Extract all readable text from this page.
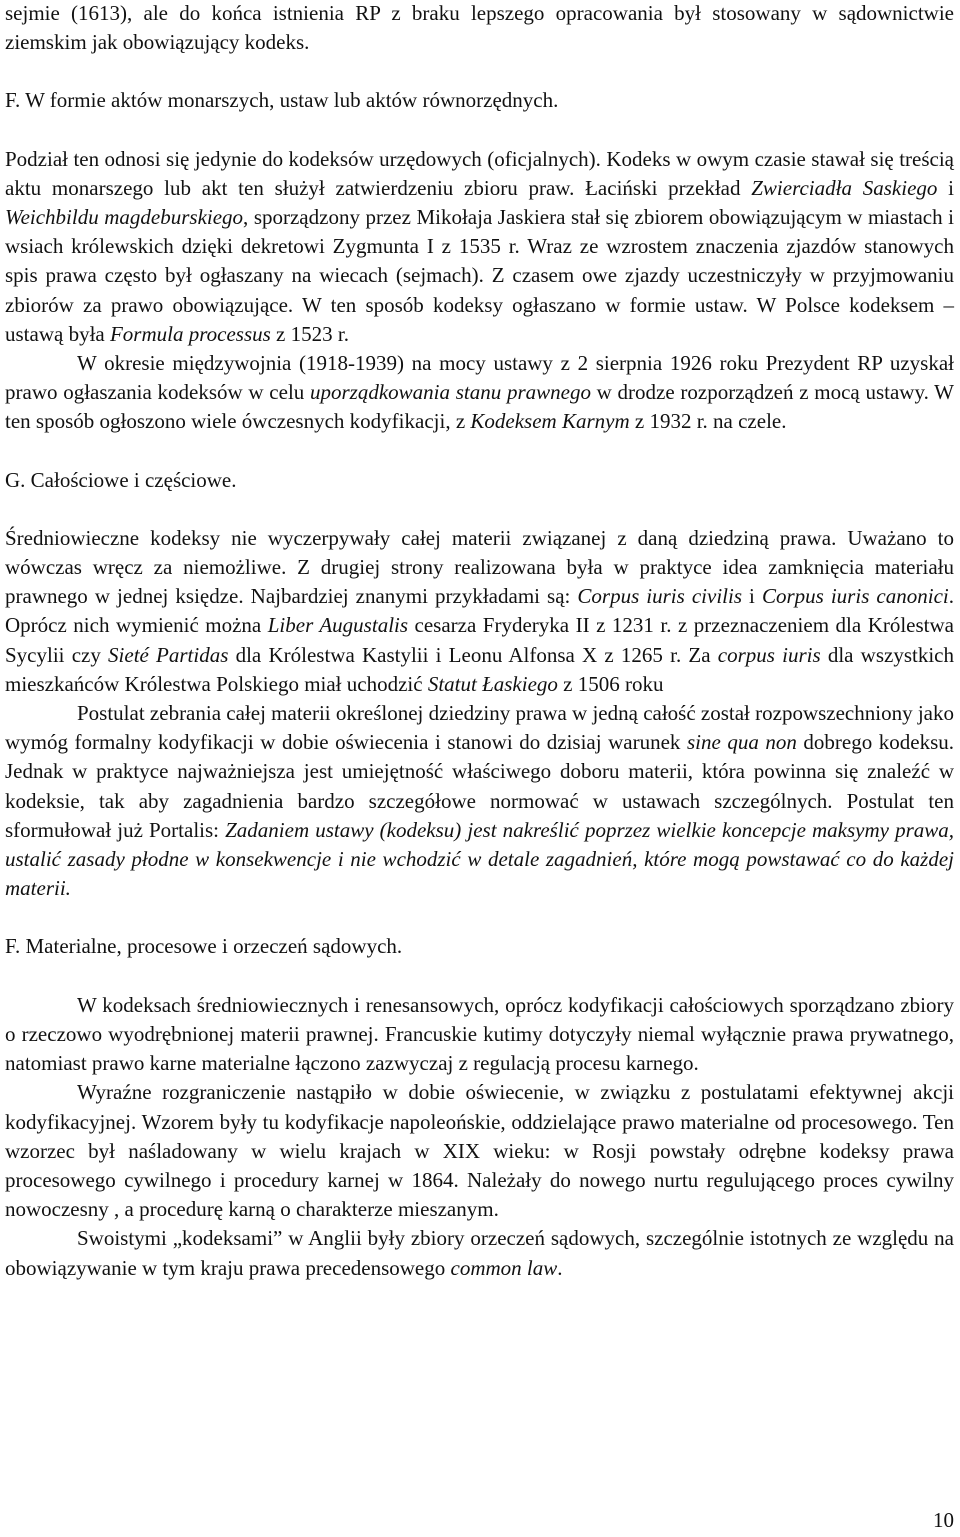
sejmie (1613), ale do końca istnienia RP z braku lepszego opracowania był stosowany w sądownictwie ziemskim jak obowiązujący kodeks.

F. W formie aktów monarszych, ustaw lub aktów równorzędnych.

Podział ten odnosi się jedynie do kodeksów urzędowych (oficjalnych). Kodeks w owym czasie stawał się treścią aktu monarszego lub akt ten służył zatwierdzeniu zbioru praw. Łaciński przekład Zwierciadła Saskiego i Weichbildu magdeburskiego, sporządzony przez Mikołaja Jaskiera stał się zbiorem obowiązującym w miastach i wsiach królewskich dzięki dekretowi Zygmunta I z 1535 r. Wraz ze wzrostem znaczenia zjazdów stanowych spis prawa często był ogłaszany na wiecach (sejmach). Z czasem owe zjazdy uczestniczyły w przyjmowaniu zbiorów za prawo obowiązujące. W ten sposób kodeksy ogłaszano w formie ustaw. W Polsce kodeksem – ustawą była Formula processus z 1523 r.

W okresie międzywojnia (1918-1939) na mocy ustawy z 2 sierpnia 1926 roku Prezydent RP uzyskał prawo ogłaszania kodeksów w celu uporządkowania stanu prawnego w drodze rozporządzeń z mocą ustawy. W ten sposób ogłoszono wiele ówczesnych kodyfikacji, z Kodeksem Karnym z 1932 r. na czele.

G. Całościowe i częściowe.

Średniowieczne kodeksy nie wyczerpywały całej materii związanej z daną dziedziną prawa. Uważano to wówczas wręcz za niemożliwe. Z drugiej strony realizowana była w praktyce idea zamknięcia materiału prawnego w jednej księdze. Najbardziej znanymi przykładami są: Corpus iuris civilis i Corpus iuris canonici. Oprócz nich wymienić można Liber Augustalis cesarza Fryderyka II z 1231 r. z przeznaczeniem dla Królestwa Sycylii czy Sieté Partidas dla Królestwa Kastylii i Leonu Alfonsa X z 1265 r. Za corpus iuris dla wszystkich mieszkańców Królestwa Polskiego miał uchodzić Statut Łaskiego z 1506 roku

Postulat zebrania całej materii określonej dziedziny prawa w jedną całość został rozpowszechniony jako wymóg formalny kodyfikacji w dobie oświecenia i stanowi do dzisiaj warunek sine qua non dobrego kodeksu. Jednak w praktyce najważniejsza jest umiejętność właściwego doboru materii, która powinna się znaleźć w kodeksie, tak aby zagadnienia bardzo szczegółowe normować w ustawach szczególnych. Postulat ten sformułował już Portalis: Zadaniem ustawy (kodeksu) jest nakreślić poprzez wielkie koncepcje maksymy prawa, ustalić zasady płodne w konsekwencje i nie wchodzić w detale zagadnień, które mogą powstawać co do każdej materii.

F. Materialne, procesowe i orzeczeń sądowych.

W kodeksach średniowiecznych i renesansowych, oprócz kodyfikacji całościowych sporządzano zbiory o rzeczowo wyodrębnionej materii prawnej. Francuskie kutimy dotyczyły niemal wyłącznie prawa prywatnego, natomiast prawo karne materialne łączono zazwyczaj z regulacją procesu karnego.

Wyraźne rozgraniczenie nastąpiło w dobie oświecenie, w związku z postulatami efektywnej akcji kodyfikacyjnej. Wzorem były tu kodyfikacje napoleońskie, oddzielające prawo materialne od procesowego. Ten wzorzec był naśladowany w wielu krajach w XIX wieku: w Rosji powstały odrębne kodeksy prawa procesowego cywilnego i procedury karnej w 1864. Należały do nowego nurtu regulującego proces cywilny nowoczesny , a procedurę karną o charakterze mieszanym.

Swoistymi „kodeksami” w Anglii były zbiory orzeczeń sądowych, szczególnie istotnych ze względu na obowiązywanie w tym kraju prawa precedensowego common law.

10
